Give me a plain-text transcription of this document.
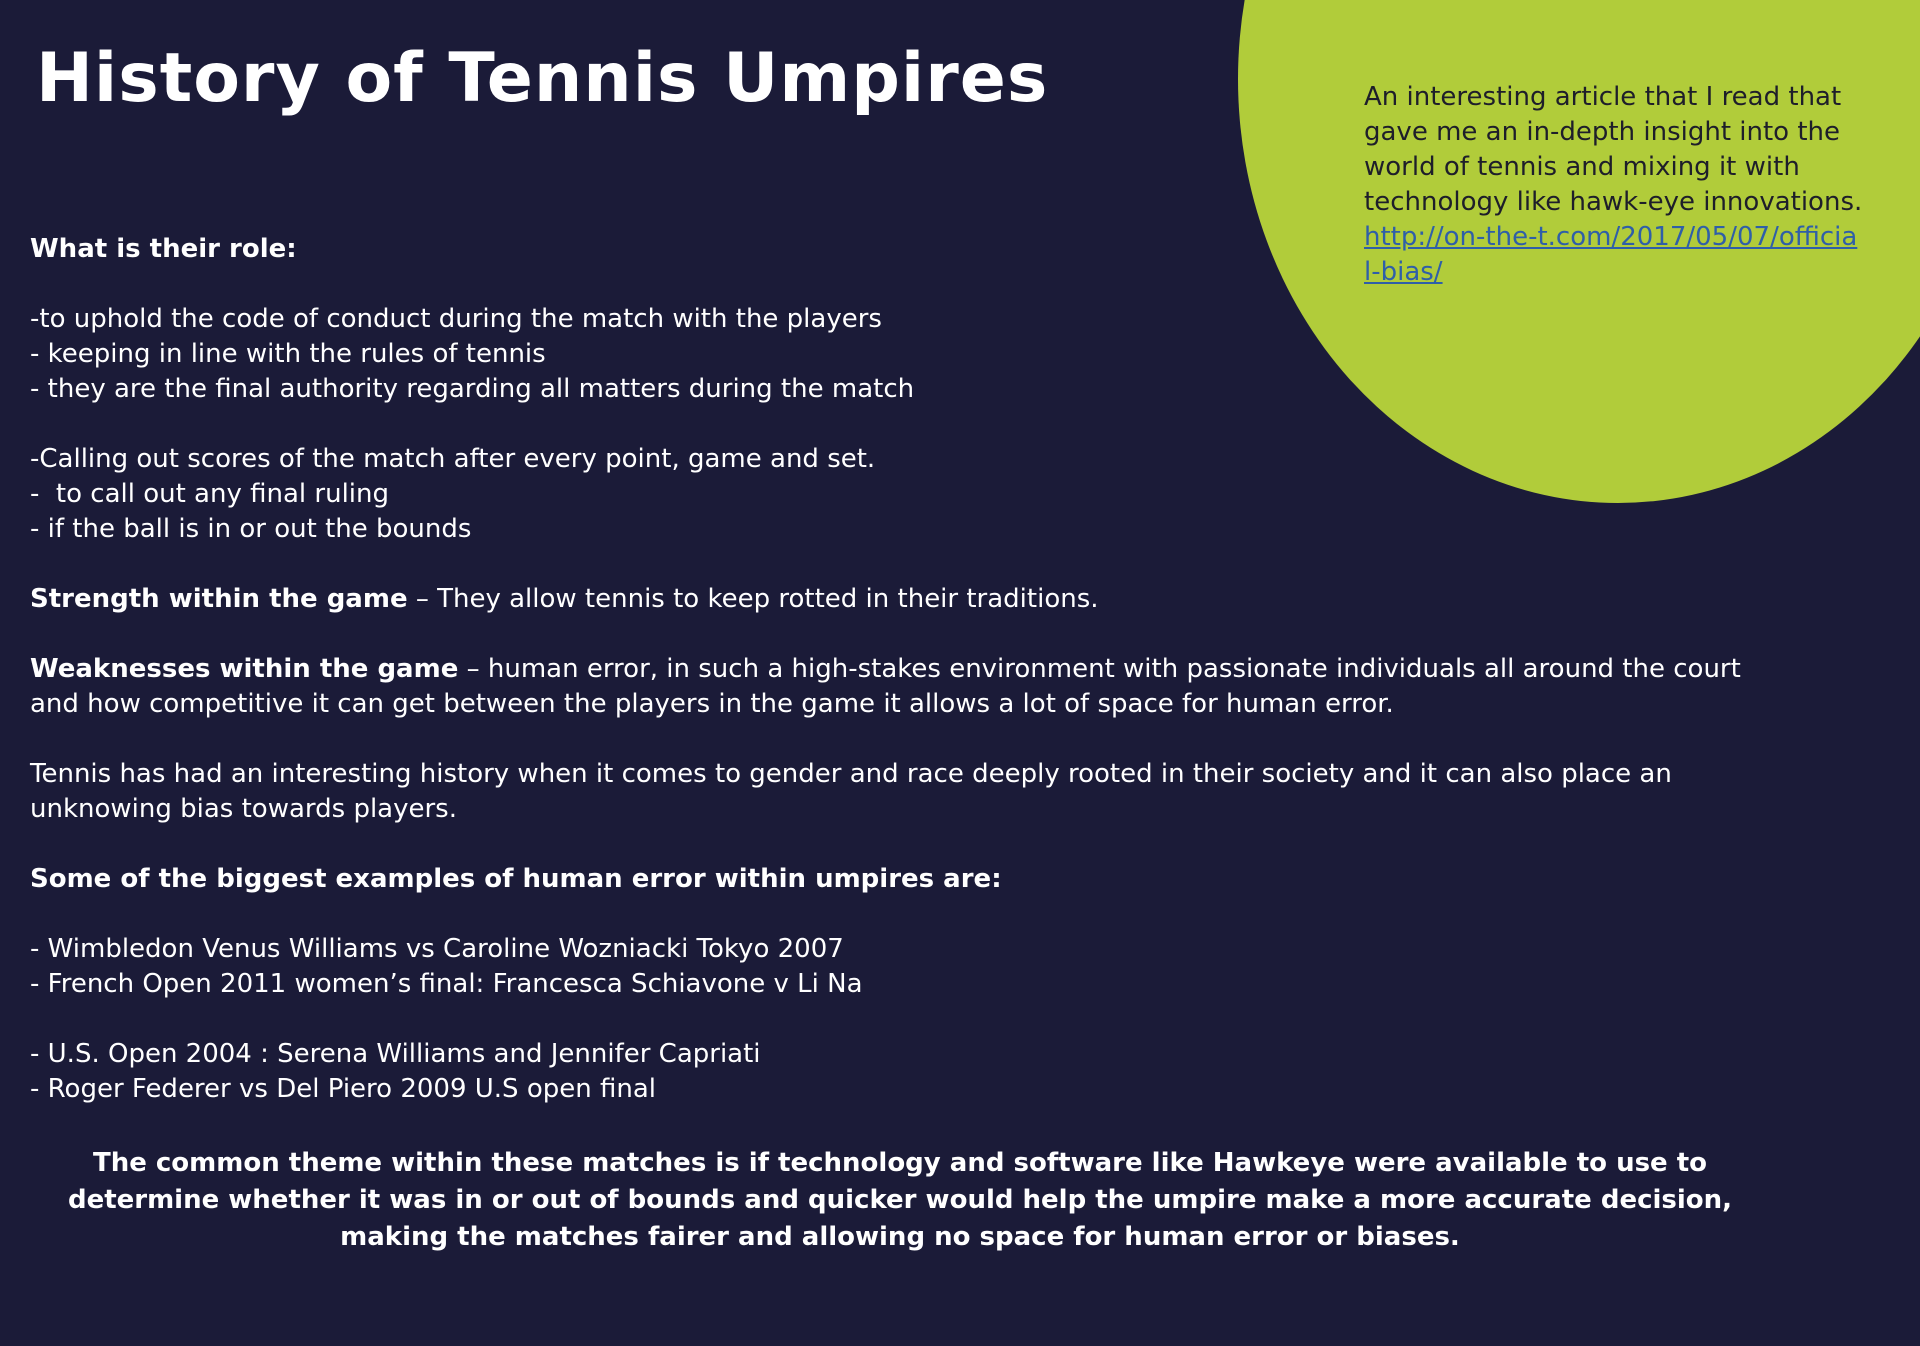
History of Tennis Umpires	An interesting article that I read that gave me an in-depth insight into the world of tennis and mixing it with technology like hawk-eye innovations.
http://on-the-t.com/2017/05/07/official-bias/

What is their role:

-to uphold the code of conduct during the match with the players

- keeping in line with the rules of tennis

- they are the final authority regarding all matters during the match

-Calling out scores of the match after every point, game and set.

-  to call out any final ruling

- if the ball is in or out the bounds

Strength within the game – They allow tennis to keep rotted in their traditions.

Weaknesses within the game – human error, in such a high-stakes environment with passionate individuals all around the court and how competitive it can get between the players in the game it allows a lot of space for human error.

Tennis has had an interesting history when it comes to gender and race deeply rooted in their society and it can also place an unknowing bias towards players.

Some of the biggest examples of human error within umpires are:

- Wimbledon Venus Williams vs Caroline Wozniacki Tokyo 2007

- French Open 2011 women’s final: Francesca Schiavone v Li Na

- U.S. Open 2004 : Serena Williams and Jennifer Capriati

- Roger Federer vs Del Piero 2009 U.S open final

The common theme within these matches is if technology and software like Hawkeye were available to use to determine whether it was in or out of bounds and quicker would help the umpire make a more accurate decision, making the matches fairer and allowing no space for human error or biases.
